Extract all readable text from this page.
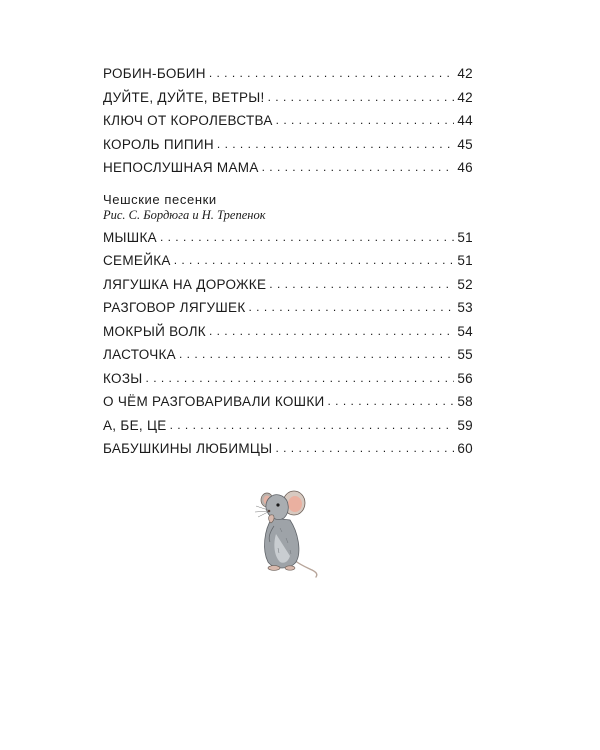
РОБИН-БОБИН . . .	42
ДУЙТЕ, ДУЙТЕ, ВЕТРЫ! . . .	42
КЛЮЧ ОТ КОРОЛЕВСТВА . . .	44
КОРОЛЬ ПИПИН . . .	45
НЕПОСЛУШНАЯ МАМА . . .	46
Чешские песенки
Рис. С. Бордюга и Н. Трепенок
МЫШКА . . .	51
СЕМЕЙКА . . .	51
ЛЯГУШКА НА ДОРОЖКЕ . . .	52
РАЗГОВОР ЛЯГУШЕК . . .	53
МОКРЫЙ ВОЛК . . .	54
ЛАСТОЧКА . . .	55
КОЗЫ . . .	56
О ЧЁМ РАЗГОВАРИВАЛИ КОШКИ . . .	58
А, БЕ, ЦЕ . . .	59
БАБУШКИНЫ ЛЮБИМЦЫ . . .	60
